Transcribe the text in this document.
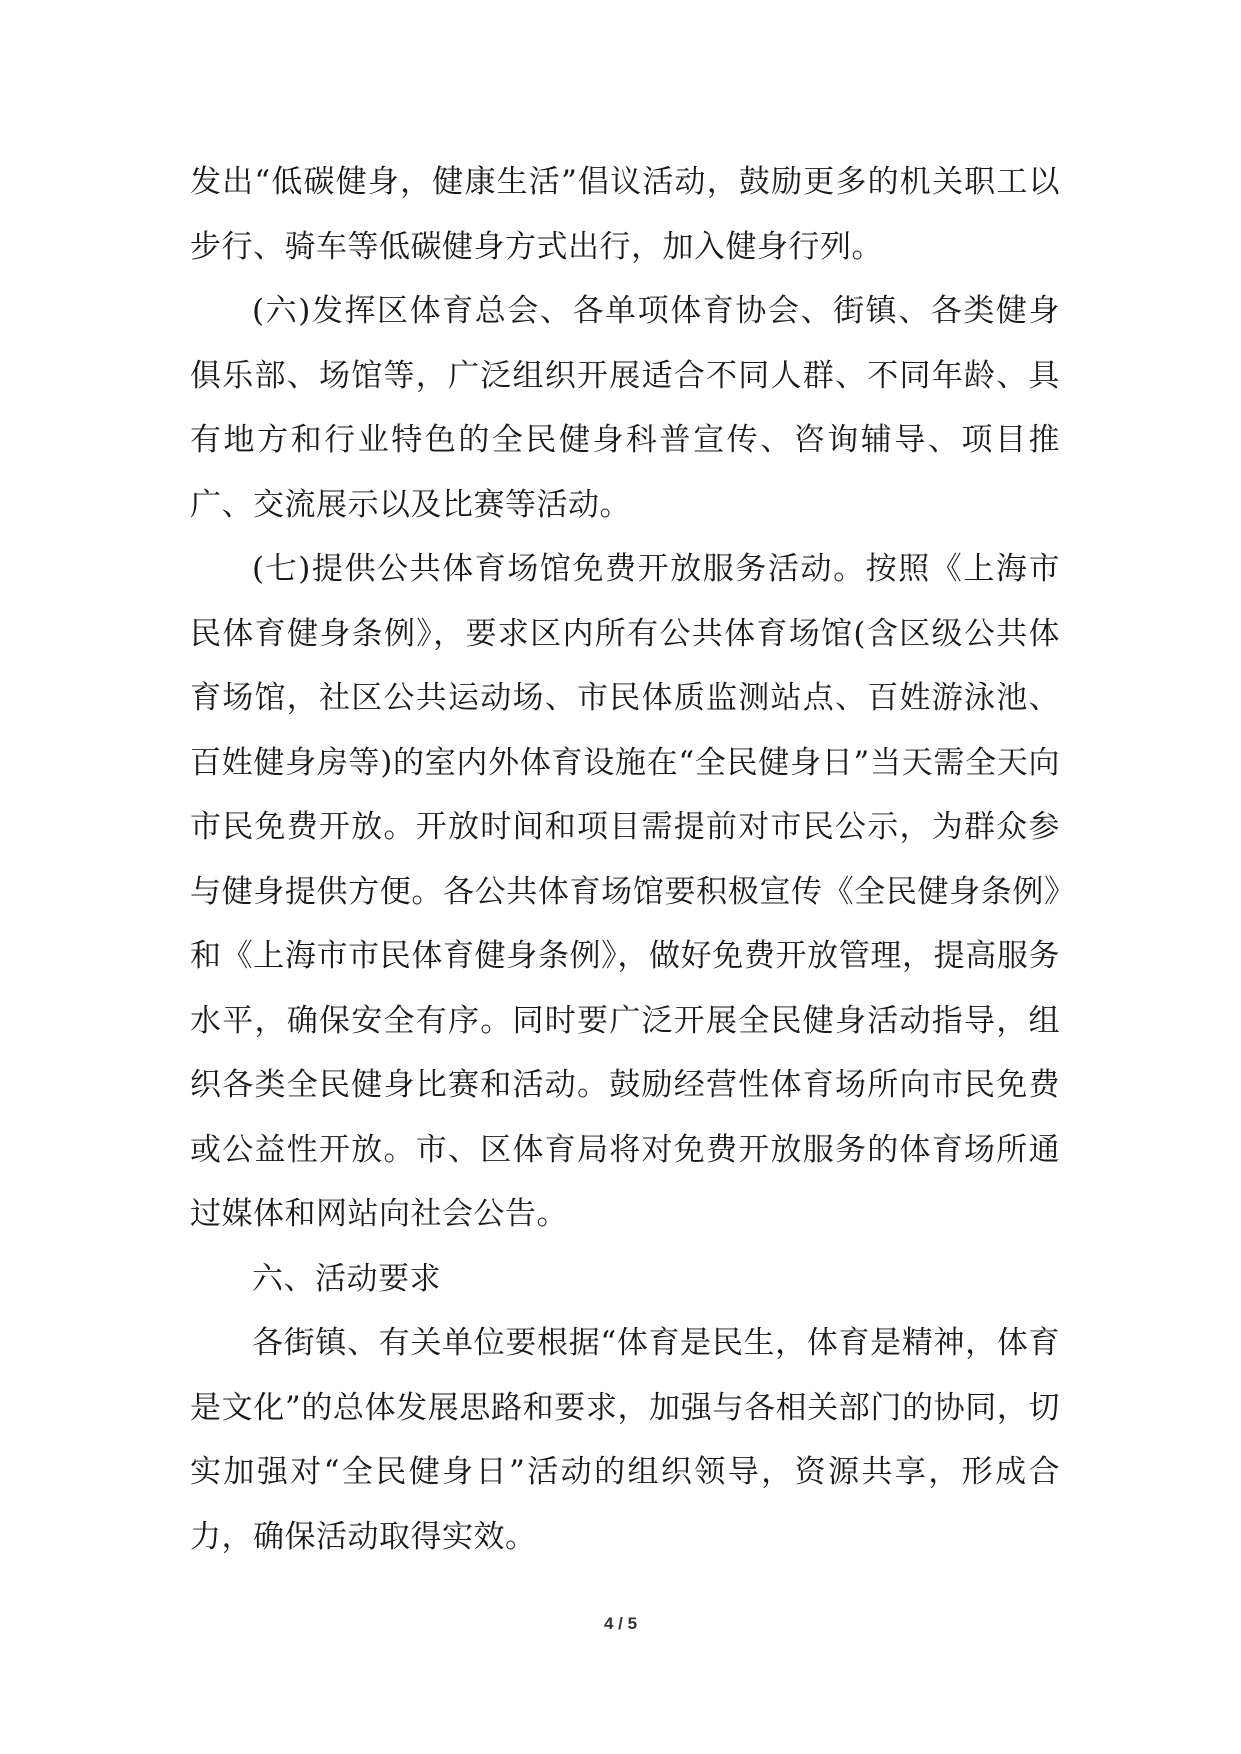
发出“低碳健身，健康生活”倡议活动，鼓励更多的机关职工以步行、骑车等低碳健身方式出行，加入健身行列。

(六)发挥区体育总会、各单项体育协会、街镇、各类健身俱乐部、场馆等，广泛组织开展适合不同人群、不同年龄、具有地方和行业特色的全民健身科普宣传、咨询辅导、项目推广、交流展示以及比赛等活动。

(七)提供公共体育场馆免费开放服务活动。按照《上海市民体育健身条例》，要求区内所有公共体育场馆(含区级公共体育场馆，社区公共运动场、市民体质监测站点、百姓游泳池、百姓健身房等)的室内外体育设施在“全民健身日”当天需全天向市民免费开放。开放时间和项目需提前对市民公示，为群众参与健身提供方便。各公共体育场馆要积极宣传《全民健身条例》和《上海市市民体育健身条例》，做好免费开放管理，提高服务水平，确保安全有序。同时要广泛开展全民健身活动指导，组织各类全民健身比赛和活动。鼓励经营性体育场所向市民免费或公益性开放。市、区体育局将对免费开放服务的体育场所通过媒体和网站向社会公告。

六、活动要求

各街镇、有关单位要根据“体育是民生，体育是精神，体育是文化”的总体发展思路和要求，加强与各相关部门的协同，切实加强对“全民健身日”活动的组织领导，资源共享，形成合力，确保活动取得实效。

4 / 5
